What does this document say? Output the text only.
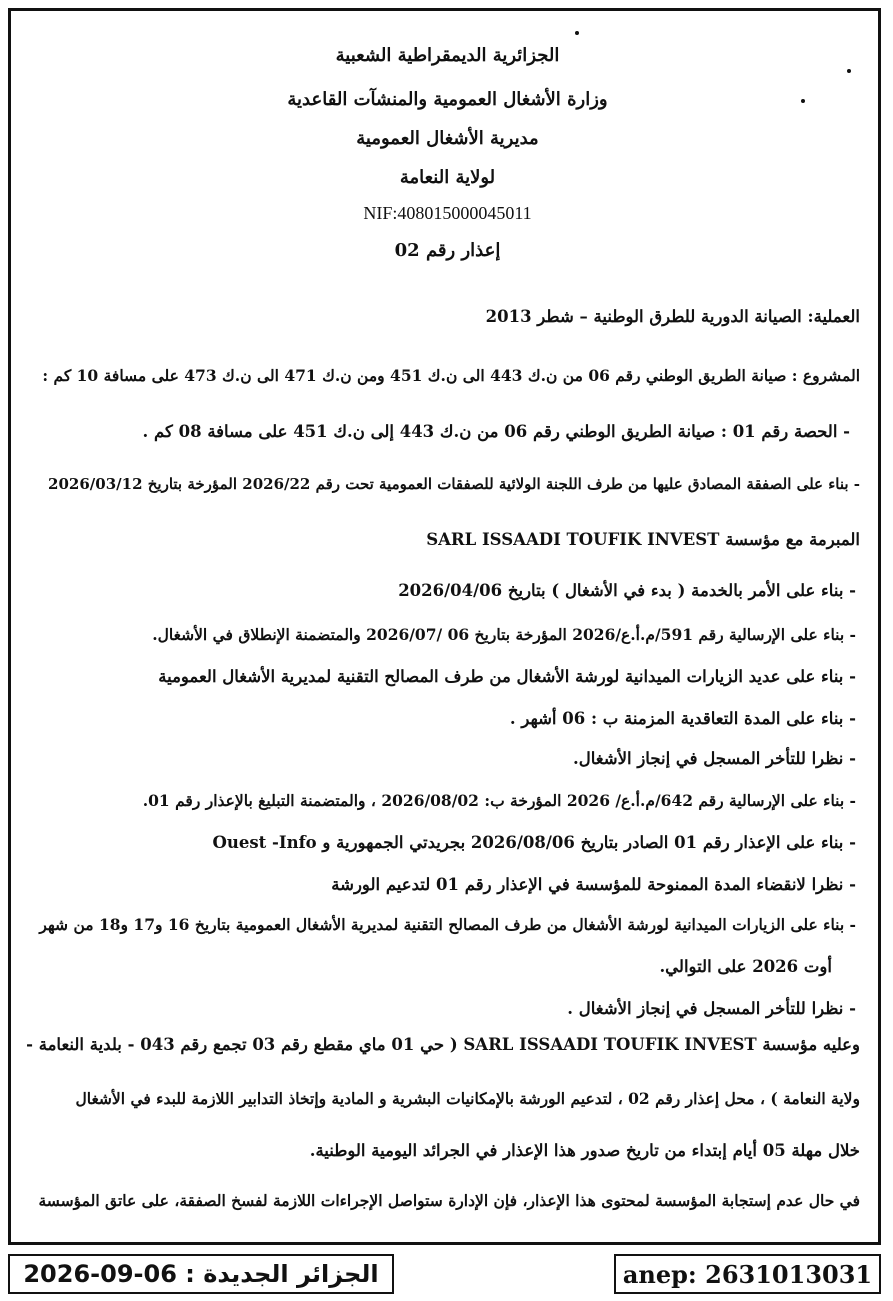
الجزائرية الديمقراطية الشعبية
وزارة الأشغال العمومية والمنشآت القاعدية
مديرية الأشغال العمومية
لولاية النعامة
NIF:408015000045011
إعذار رقم 02
العملية: الصيانة الدورية للطرق الوطنية – شطر 2013
المشروع : صيانة الطريق الوطني رقم 06 من ن.ك 443 الى ن.ك 451 ومن ن.ك 471 الى ن.ك 473 على مسافة 10 كم :
- الحصة رقم 01 : صيانة الطريق الوطني رقم 06 من ن.ك 443 إلى ن.ك 451 على مسافة 08 كم .
- بناء على الصفقة المصادق عليها من طرف اللجنة الولائية للصفقات العمومية تحت رقم 2026/22 المؤرخة بتاريخ 2026/03/12
المبرمة مع مؤسسة SARL ISSAADI TOUFIK INVEST
- بناء على الأمر بالخدمة ( بدء في الأشغال ) بتاريخ 2026/04/06
- بناء على الإرسالية رقم 591/م.أ.ع/2026 المؤرخة بتاريخ 06 /2026/07 والمتضمنة الإنطلاق في الأشغال.
- بناء على عديد الزيارات الميدانية لورشة الأشغال من طرف المصالح التقنية لمديرية الأشغال العمومية
- بناء على المدة التعاقدية المزمنة ب : 06 أشهر .
- نظرا للتأخر المسجل في إنجاز الأشغال.
- بناء على الإرسالية رقم 642/م.أ.ع/ 2026 المؤرخة ب: 2026/08/02 ، والمتضمنة التبليغ بالإعذار رقم 01.
- بناء على الإعذار رقم 01 الصادر بتاريخ 2026/08/06 بجريدتي الجمهورية و Ouest -Info
- نظرا لانقضاء المدة الممنوحة للمؤسسة في الإعذار رقم 01 لتدعيم الورشة
- بناء على الزيارات الميدانية لورشة الأشغال من طرف المصالح التقنية لمديرية الأشغال العمومية بتاريخ 16 و17 و18 من شهر
أوت 2026 على التوالي.
- نظرا للتأخر المسجل في إنجاز الأشغال .
وعليه مؤسسة SARL ISSAADI TOUFIK INVEST ( حي 01 ماي مقطع رقم 03 تجمع رقم 043 - بلدية النعامة -
ولاية النعامة ) ، محل إعذار رقم 02 ، لتدعيم الورشة بالإمكانيات البشرية و المادية وإتخاذ التدابير اللازمة للبدء في الأشغال
خلال مهلة 05 أيام إبتداء من تاريخ صدور هذا الإعذار في الجرائد اليومية الوطنية.
في حال عدم إستجابة المؤسسة لمحتوى هذا الإعذار، فإن الإدارة ستواصل الإجراءات اللازمة لفسخ الصفقة، على عاتق المؤسسة
الجزائر الجديدة : 06-09-2026	anep: 2631013031
